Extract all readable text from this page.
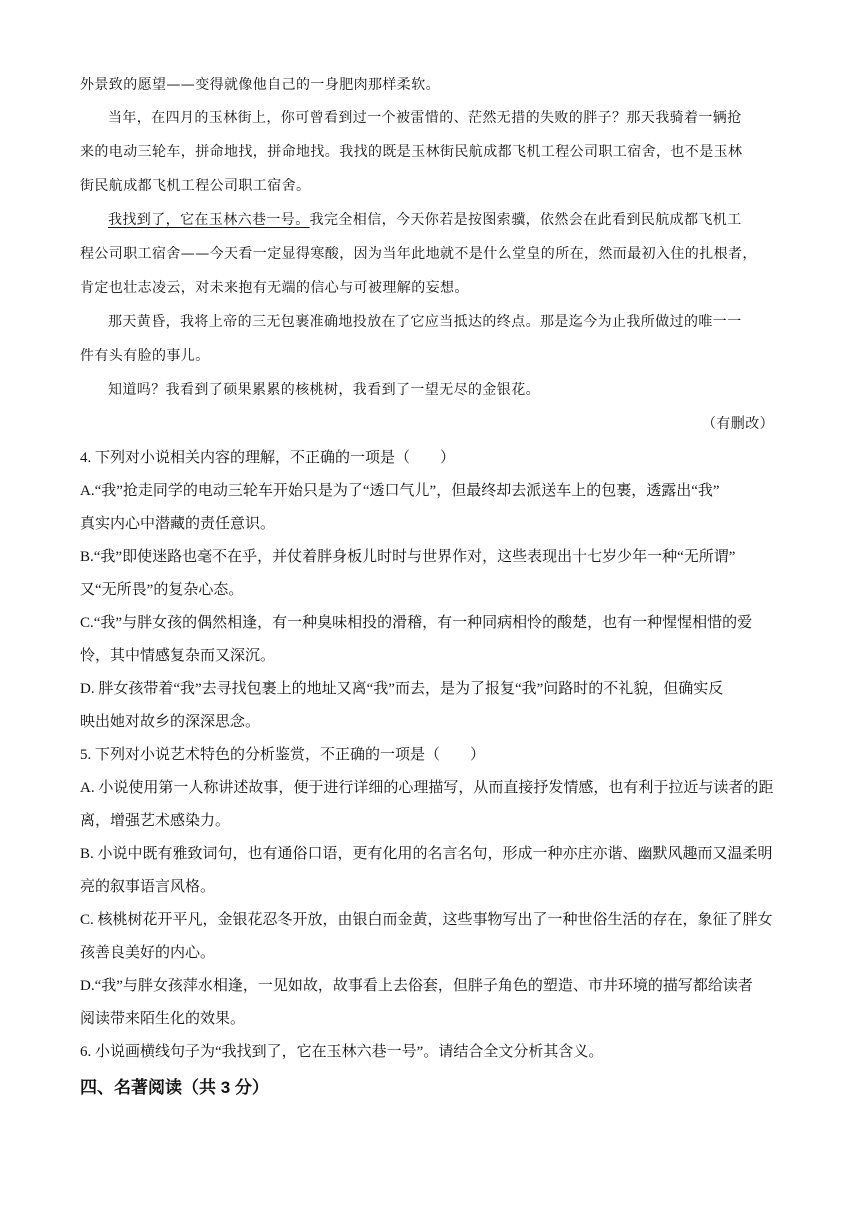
外景致的愿望——变得就像他自己的一身肥肉那样柔软。
当年，在四月的玉林街上，你可曾看到过一个被雷惜的、茫然无措的失败的胖子？那天我骑着一辆抢
来的电动三轮车，拼命地找，拼命地找。我找的既是玉林街民航成都飞机工程公司职工宿舍，也不是玉林
街民航成都飞机工程公司职工宿舍。
我找到了，它在玉林六巷一号。我完全相信，今天你若是按图索骥，依然会在此看到民航成都飞机工
程公司职工宿舍——今天看一定显得寒酸，因为当年此地就不是什么堂皇的所在，然而最初入住的扎根者，
肯定也壮志凌云，对未来抱有无端的信心与可被理解的妄想。
那天黄昏，我将上帝的三无包裹准确地投放在了它应当抵达的终点。那是迄今为止我所做过的唯一一
件有头有脸的事儿。
知道吗？我看到了硕果累累的核桃树，我看到了一望无尽的金银花。
（有删改）
4. 下列对小说相关内容的理解，不正确的一项是（　　）
A.“我”抢走同学的电动三轮车开始只是为了“透口气儿”，但最终却去派送车上的包裹，透露出“我”
真实内心中潜藏的责任意识。
B.“我”即使迷路也毫不在乎，并仗着胖身板儿时时与世界作对，这些表现出十七岁少年一种“无所谓”
又“无所畏”的复杂心态。
C.“我”与胖女孩的偶然相逢，有一种臭味相投的滑稽，有一种同病相怜的酸楚，也有一种惺惺相惜的爱
怜，其中情感复杂而又深沉。
D. 胖女孩带着“我”去寻找包裹上的地址又离“我”而去，是为了报复“我”问路时的不礼貌，但确实反
映出她对故乡的深深思念。
5. 下列对小说艺术特色的分析鉴赏，不正确的一项是（　　）
A. 小说使用第一人称讲述故事，便于进行详细的心理描写，从而直接抒发情感，也有利于拉近与读者的距
离，增强艺术感染力。
B. 小说中既有雅致词句，也有通俗口语，更有化用的名言名句，形成一种亦庄亦谐、幽默风趣而又温柔明
亮的叙事语言风格。
C. 核桃树花开平凡，金银花忍冬开放，由银白而金黄，这些事物写出了一种世俗生活的存在，象征了胖女
孩善良美好的内心。
D.“我”与胖女孩萍水相逢，一见如故，故事看上去俗套，但胖子角色的塑造、市井环境的描写都给读者
阅读带来陌生化的效果。
6. 小说画横线句子为“我找到了，它在玉林六巷一号”。请结合全文分析其含义。
四、名著阅读（共 3 分）
